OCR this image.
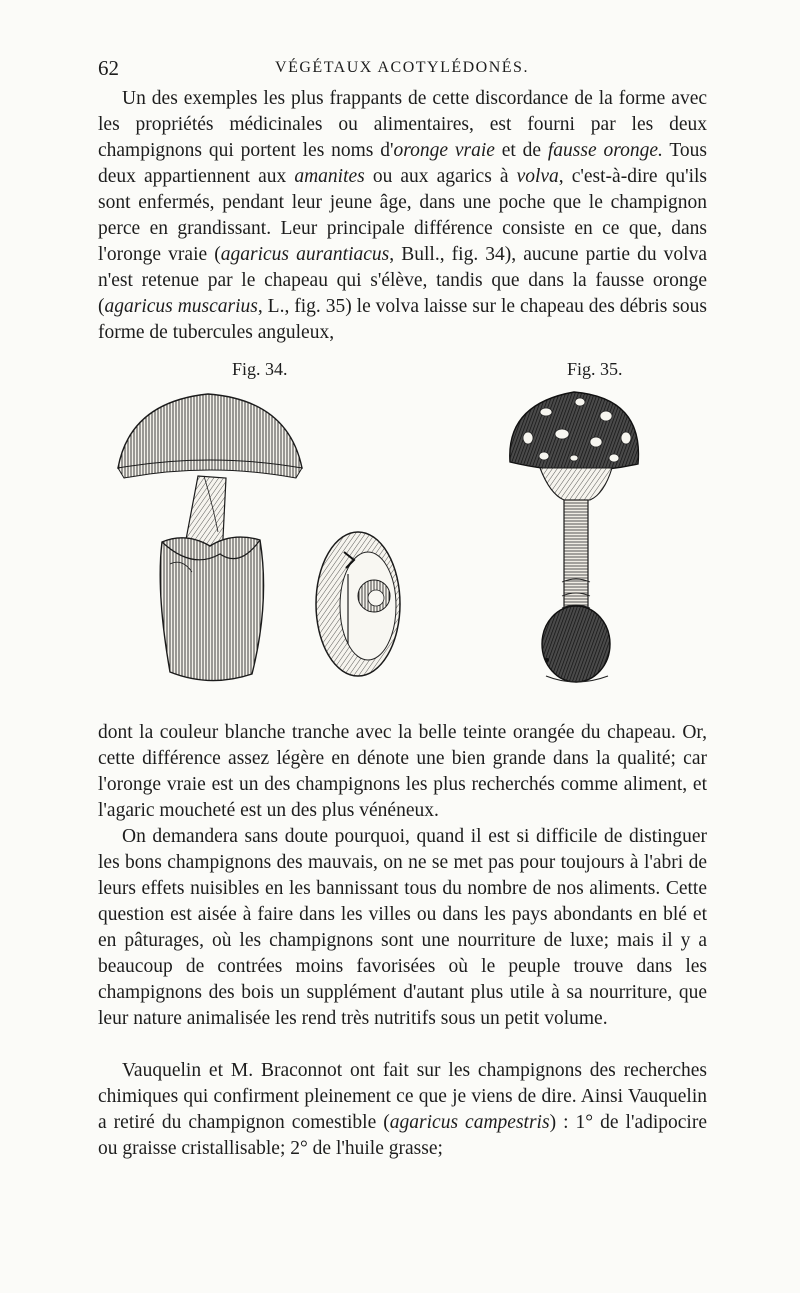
62	VÉGÉTAUX ACOTYLÉDONÉS.

Un des exemples les plus frappants de cette discordance de la forme avec les propriétés médicinales ou alimentaires, est fourni par les deux champignons qui portent les noms d'oronge vraie et de fausse oronge. Tous deux appartiennent aux amanites ou aux agarics à volva, c'est-à-dire qu'ils sont enfermés, pendant leur jeune âge, dans une poche que le champignon perce en grandissant. Leur principale différence consiste en ce que, dans l'oronge vraie (agaricus aurantiacus, Bull., fig. 34), aucune partie du volva n'est retenue par le chapeau qui s'élève, tandis que dans la fausse oronge (agaricus muscarius, L., fig. 35) le volva laisse sur le chapeau des débris sous forme de tubercules anguleux,

Fig. 34.	Fig. 35.

dont la couleur blanche tranche avec la belle teinte orangée du chapeau. Or, cette différence assez légère en dénote une bien grande dans la qualité; car l'oronge vraie est un des champignons les plus recherchés comme aliment, et l'agaric moucheté est un des plus vénéneux.

On demandera sans doute pourquoi, quand il est si difficile de distinguer les bons champignons des mauvais, on ne se met pas pour toujours à l'abri de leurs effets nuisibles en les bannissant tous du nombre de nos aliments. Cette question est aisée à faire dans les villes ou dans les pays abondants en blé et en pâturages, où les champignons sont une nourriture de luxe; mais il y a beaucoup de contrées moins favorisées où le peuple trouve dans les champignons des bois un supplément d'autant plus utile à sa nourriture, que leur nature animalisée les rend très nutritifs sous un petit volume.

Vauquelin et M. Braconnot ont fait sur les champignons des recherches chimiques qui confirment pleinement ce que je viens de dire. Ainsi Vauquelin a retiré du champignon comestible (agaricus campestris) : 1° de l'adipocire ou graisse cristallisable; 2° de l'huile grasse;
